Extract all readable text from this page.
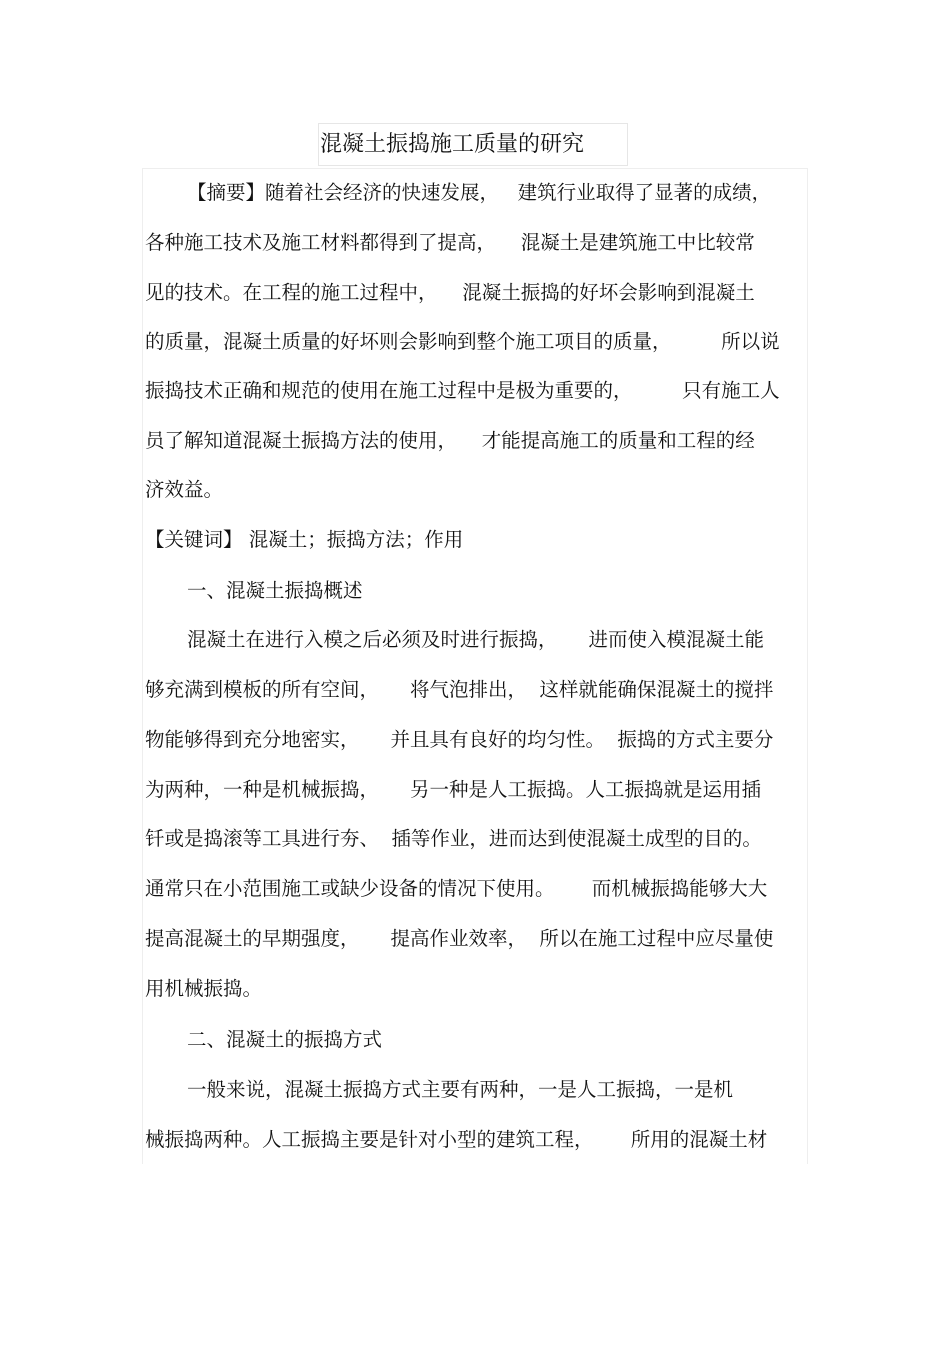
混凝土振捣施工质量的研究

【摘要】随着社会经济的快速发展，   建筑行业取得了显著的成绩，

各种施工技术及施工材料都得到了提高，    混凝土是建筑施工中比较常

见的技术。在工程的施工过程中，    混凝土振捣的好坏会影响到混凝土

的质量，混凝土质量的好坏则会影响到整个施工项目的质量，        所以说

振捣技术正确和规范的使用在施工过程中是极为重要的，        只有施工人

员了解知道混凝土振捣方法的使用，    才能提高施工的质量和工程的经

济效益。

【关键词】 混凝土；振捣方法；作用

一、混凝土振捣概述

混凝土在进行入模之后必须及时进行振捣，     进而使入模混凝土能

够充满到模板的所有空间，     将气泡排出，  这样就能确保混凝土的搅拌

物能够得到充分地密实，     并且具有良好的均匀性。  振捣的方式主要分

为两种，一种是机械振捣，     另一种是人工振捣。人工振捣就是运用插

钎或是捣滚等工具进行夯、  插等作业，进而达到使混凝土成型的目的。

通常只在小范围施工或缺少设备的情况下使用。      而机械振捣能够大大

提高混凝土的早期强度，     提高作业效率，  所以在施工过程中应尽量使

用机械振捣。

二、混凝土的振捣方式

一般来说，混凝土振捣方式主要有两种，一是人工振捣，一是机

械振捣两种。人工振捣主要是针对小型的建筑工程，      所用的混凝土材
